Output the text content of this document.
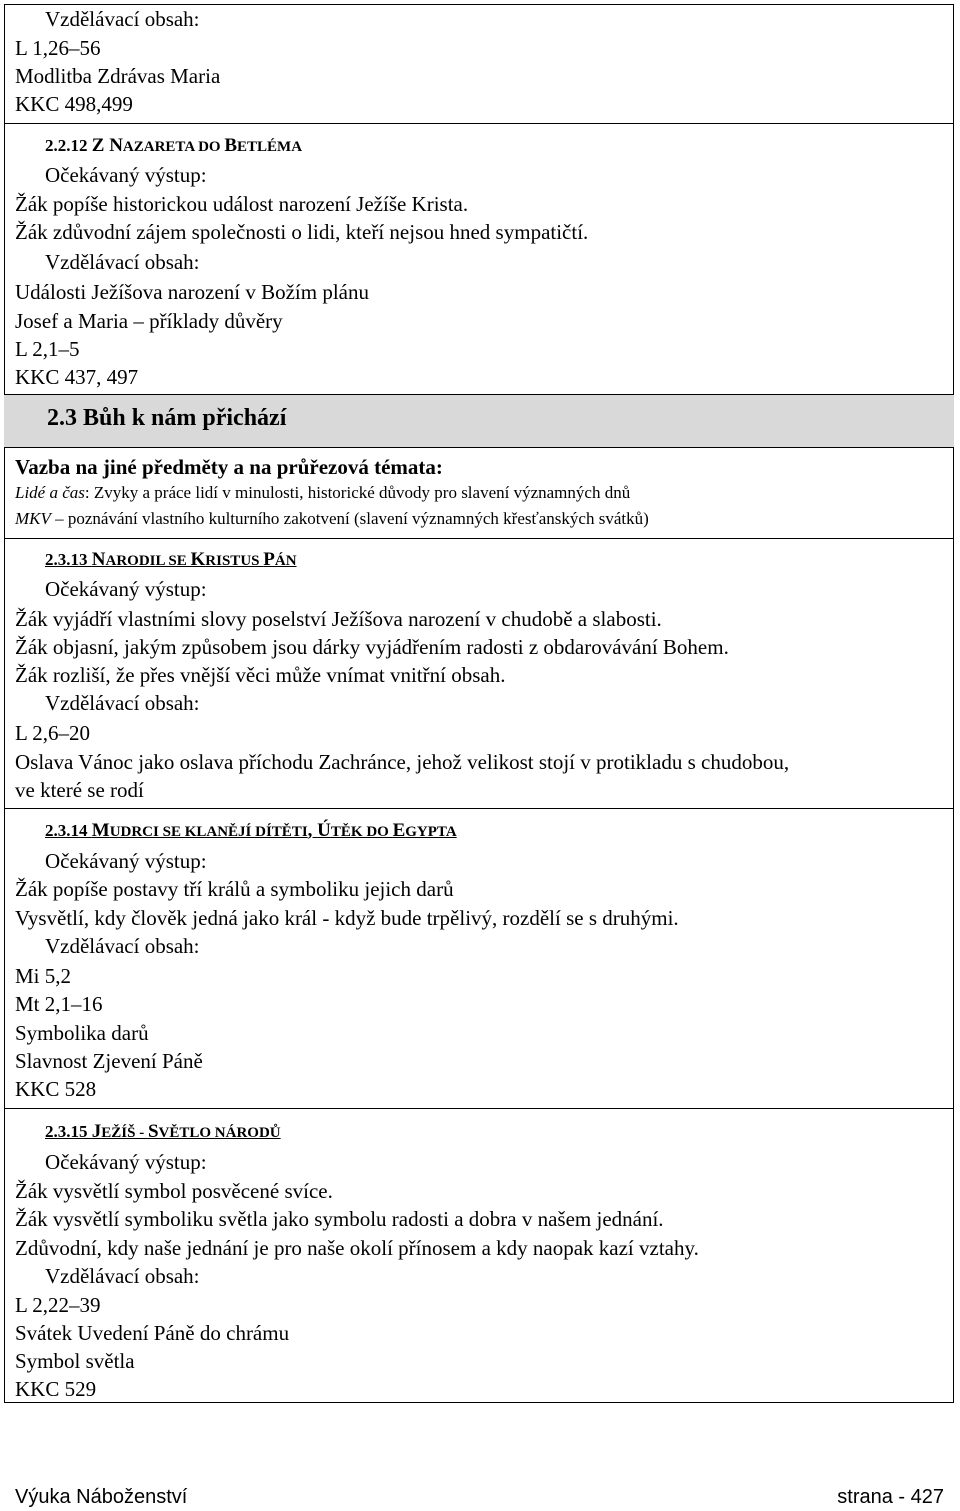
Vzdělávací obsah:
L 1,26–56
Modlitba Zdrávas Maria
KKC 498,499
2.2.12 Z NAZARETA DO BETLÉMA
Očekávaný výstup:
Žák popíše historickou událost narození Ježíše Krista.
Žák zdůvodní zájem společnosti o lidi, kteří nejsou hned sympatičtí.
Vzdělávací obsah:
Události Ježíšova narození v Božím plánu
Josef a Maria – příklady důvěry
L 2,1–5
KKC 437, 497
2.3 Bůh k nám přichází
Vazba na jiné předměty a na průřezová témata:
Lidé a čas: Zvyky a práce lidí v minulosti, historické důvody pro slavení významných dnů
MKV – poznávání vlastního kulturního zakotvení (slavení významných křesťanských svátků)
2.3.13 NARODIL SE KRISTUS PÁN
Očekávaný výstup:
Žák vyjádří vlastními slovy poselství Ježíšova narození v chudobě a slabosti.
Žák objasní, jakým způsobem jsou dárky vyjádřením radosti z obdarovávání Bohem.
Žák rozliší, že přes vnější věci může vnímat vnitřní obsah.
Vzdělávací obsah:
L 2,6–20
Oslava Vánoc jako oslava příchodu Zachránce, jehož velikost stojí v protikladu s chudobou,
ve které se rodí
2.3.14 MUDRCI SE KLANĚJÍ DÍTĚTI, ÚTĚK DO EGYPTA
Očekávaný výstup:
Žák popíše postavy tří králů a symboliku jejich darů
Vysvětlí, kdy člověk jedná jako král - když bude trpělivý, rozdělí se s druhými.
Vzdělávací obsah:
Mi 5,2
Mt 2,1–16
Symbolika darů
Slavnost Zjevení Páně
KKC 528
2.3.15 JEŽÍŠ - SVĚTLO NÁRODŮ
Očekávaný výstup:
Žák vysvětlí symbol posvěcené svíce.
Žák vysvětlí symboliku světla jako symbolu radosti a dobra v našem jednání.
Zdůvodní, kdy naše jednání je pro naše okolí přínosem a kdy naopak kazí vztahy.
Vzdělávací obsah:
L 2,22–39
Svátek Uvedení Páně do chrámu
Symbol světla
KKC 529
Výuka Náboženství	strana - 427
